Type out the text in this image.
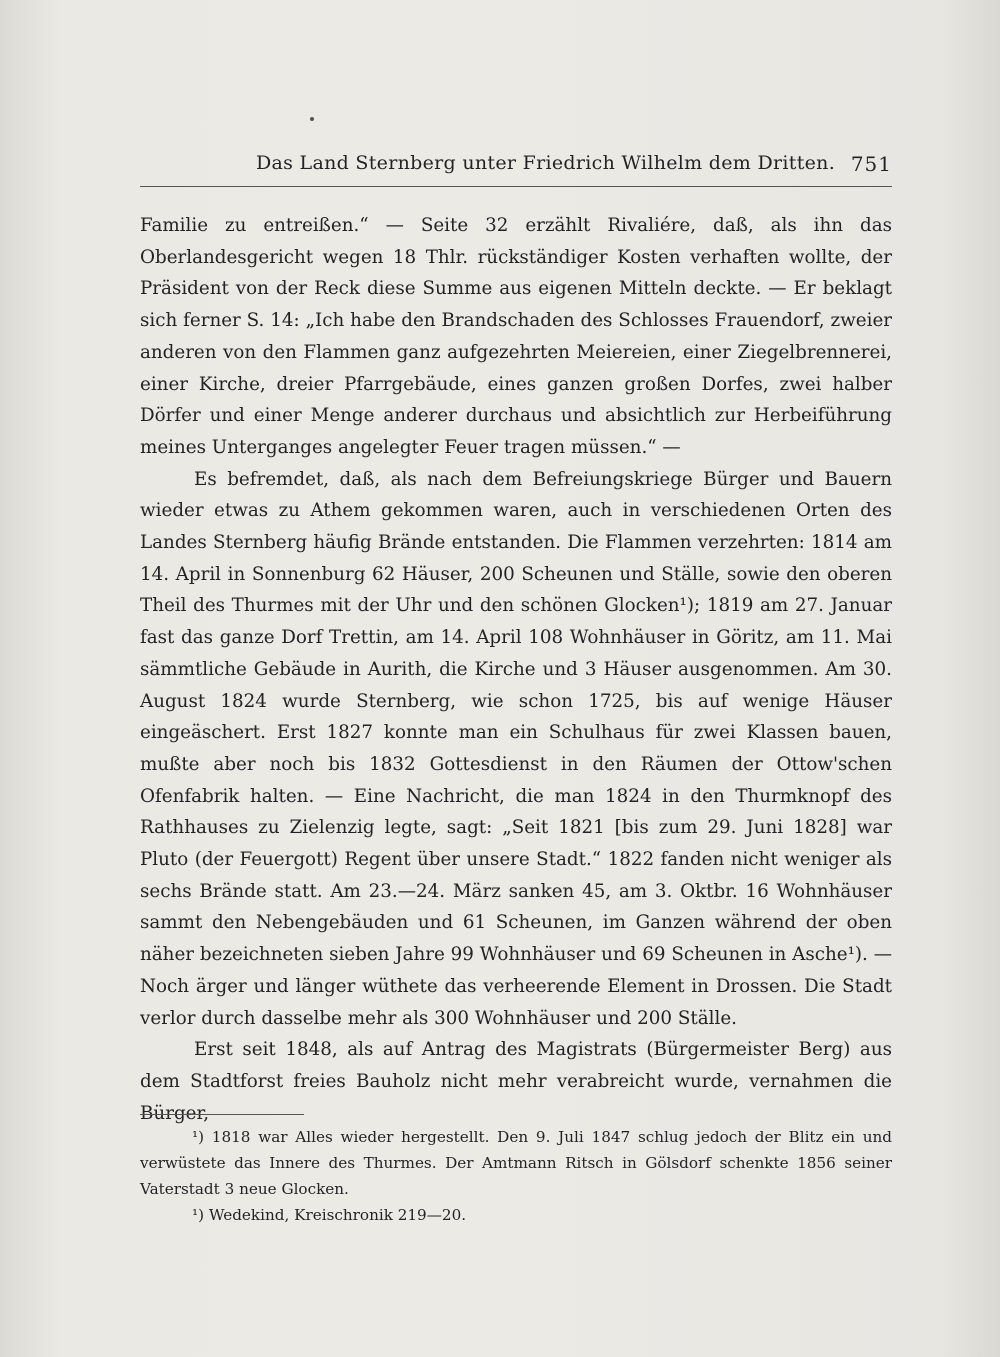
Das Land Sternberg unter Friedrich Wilhelm dem Dritten. 751

Familie zu entreißen.“ — Seite 32 erzählt Rivaliére, daß, als ihn das Oberlandesgericht wegen 18 Thlr. rückständiger Kosten verhaften wollte, der Präsident von der Reck diese Summe aus eigenen Mitteln deckte. — Er beklagt sich ferner S. 14: „Ich habe den Brandschaden des Schlosses Frauendorf, zweier anderen von den Flammen ganz aufgezehrten Meiereien, einer Ziegelbrennerei, einer Kirche, dreier Pfarrgebäude, eines ganzen großen Dorfes, zwei halber Dörfer und einer Menge anderer durchaus und absichtlich zur Herbeiführung meines Unterganges angelegter Feuer tragen müssen.“ —

Es befremdet, daß, als nach dem Befreiungskriege Bürger und Bauern wieder etwas zu Athem gekommen waren, auch in verschiedenen Orten des Landes Sternberg häufig Brände entstanden. Die Flammen verzehrten: 1814 am 14. April in Sonnenburg 62 Häuser, 200 Scheunen und Ställe, sowie den oberen Theil des Thurmes mit der Uhr und den schönen Glocken¹); 1819 am 27. Januar fast das ganze Dorf Trettin, am 14. April 108 Wohnhäuser in Göritz, am 11. Mai sämmtliche Gebäude in Aurith, die Kirche und 3 Häuser ausgenommen. Am 30. August 1824 wurde Sternberg, wie schon 1725, bis auf wenige Häuser eingeäschert. Erst 1827 konnte man ein Schulhaus für zwei Klassen bauen, mußte aber noch bis 1832 Gottesdienst in den Räumen der Ottow'schen Ofenfabrik halten. — Eine Nachricht, die man 1824 in den Thurmknopf des Rathhauses zu Zielenzig legte, sagt: „Seit 1821 [bis zum 29. Juni 1828] war Pluto (der Feuergott) Regent über unsere Stadt.“ 1822 fanden nicht weniger als sechs Brände statt. Am 23.—24. März sanken 45, am 3. Oktbr. 16 Wohnhäuser sammt den Nebengebäuden und 61 Scheunen, im Ganzen während der oben näher bezeichneten sieben Jahre 99 Wohnhäuser und 69 Scheunen in Asche¹). — Noch ärger und länger wüthete das verheerende Element in Drossen. Die Stadt verlor durch dasselbe mehr als 300 Wohnhäuser und 200 Ställe.

Erst seit 1848, als auf Antrag des Magistrats (Bürgermeister Berg) aus dem Stadtforst freies Bauholz nicht mehr verabreicht wurde, vernahmen die Bürger,

¹) 1818 war Alles wieder hergestellt. Den 9. Juli 1847 schlug jedoch der Blitz ein und verwüstete das Innere des Thurmes. Der Amtmann Ritsch in Gölsdorf schenkte 1856 seiner Vaterstadt 3 neue Glocken.

¹) Wedekind, Kreischronik 219—20.
